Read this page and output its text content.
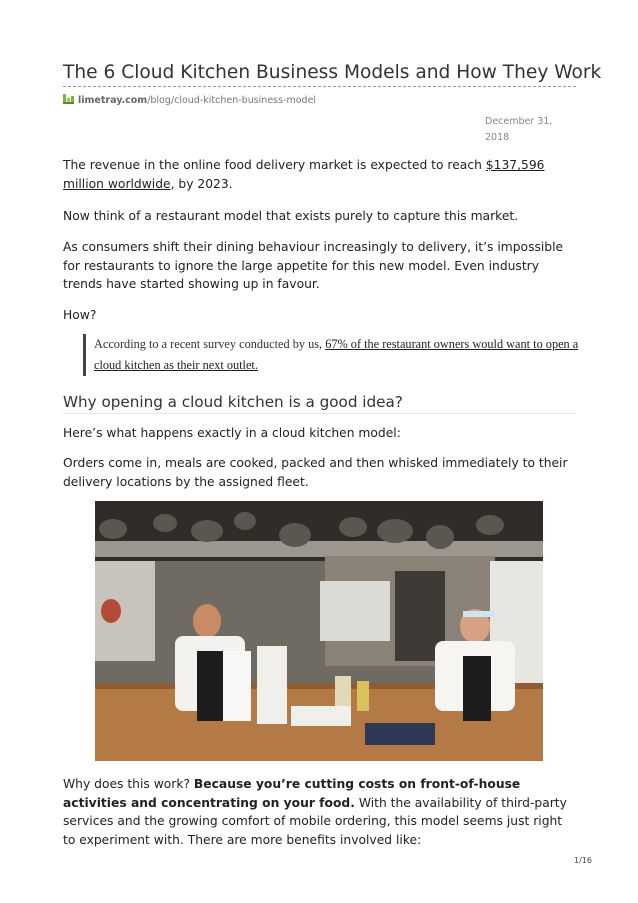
The 6 Cloud Kitchen Business Models and How They Work
limetray.com/blog/cloud-kitchen-business-model
December 31,
2018

The revenue in the online food delivery market is expected to reach $137,596 million worldwide, by 2023.

Now think of a restaurant model that exists purely to capture this market.

As consumers shift their dining behaviour increasingly to delivery, it’s impossible for restaurants to ignore the large appetite for this new model. Even industry trends have started showing up in favour.

How?

According to a recent survey conducted by us, 67% of the restaurant owners would want to open a cloud kitchen as their next outlet.
Why opening a cloud kitchen is a good idea?

Here’s what happens exactly in a cloud kitchen model:

Orders come in, meals are cooked, packed and then whisked immediately to their delivery locations by the assigned fleet.

Why does this work? Because you’re cutting costs on front-of-house activities and concentrating on your food. With the availability of third-party services and the growing comfort of mobile ordering, this model seems just right to experiment with. There are more benefits involved like:

1/16
